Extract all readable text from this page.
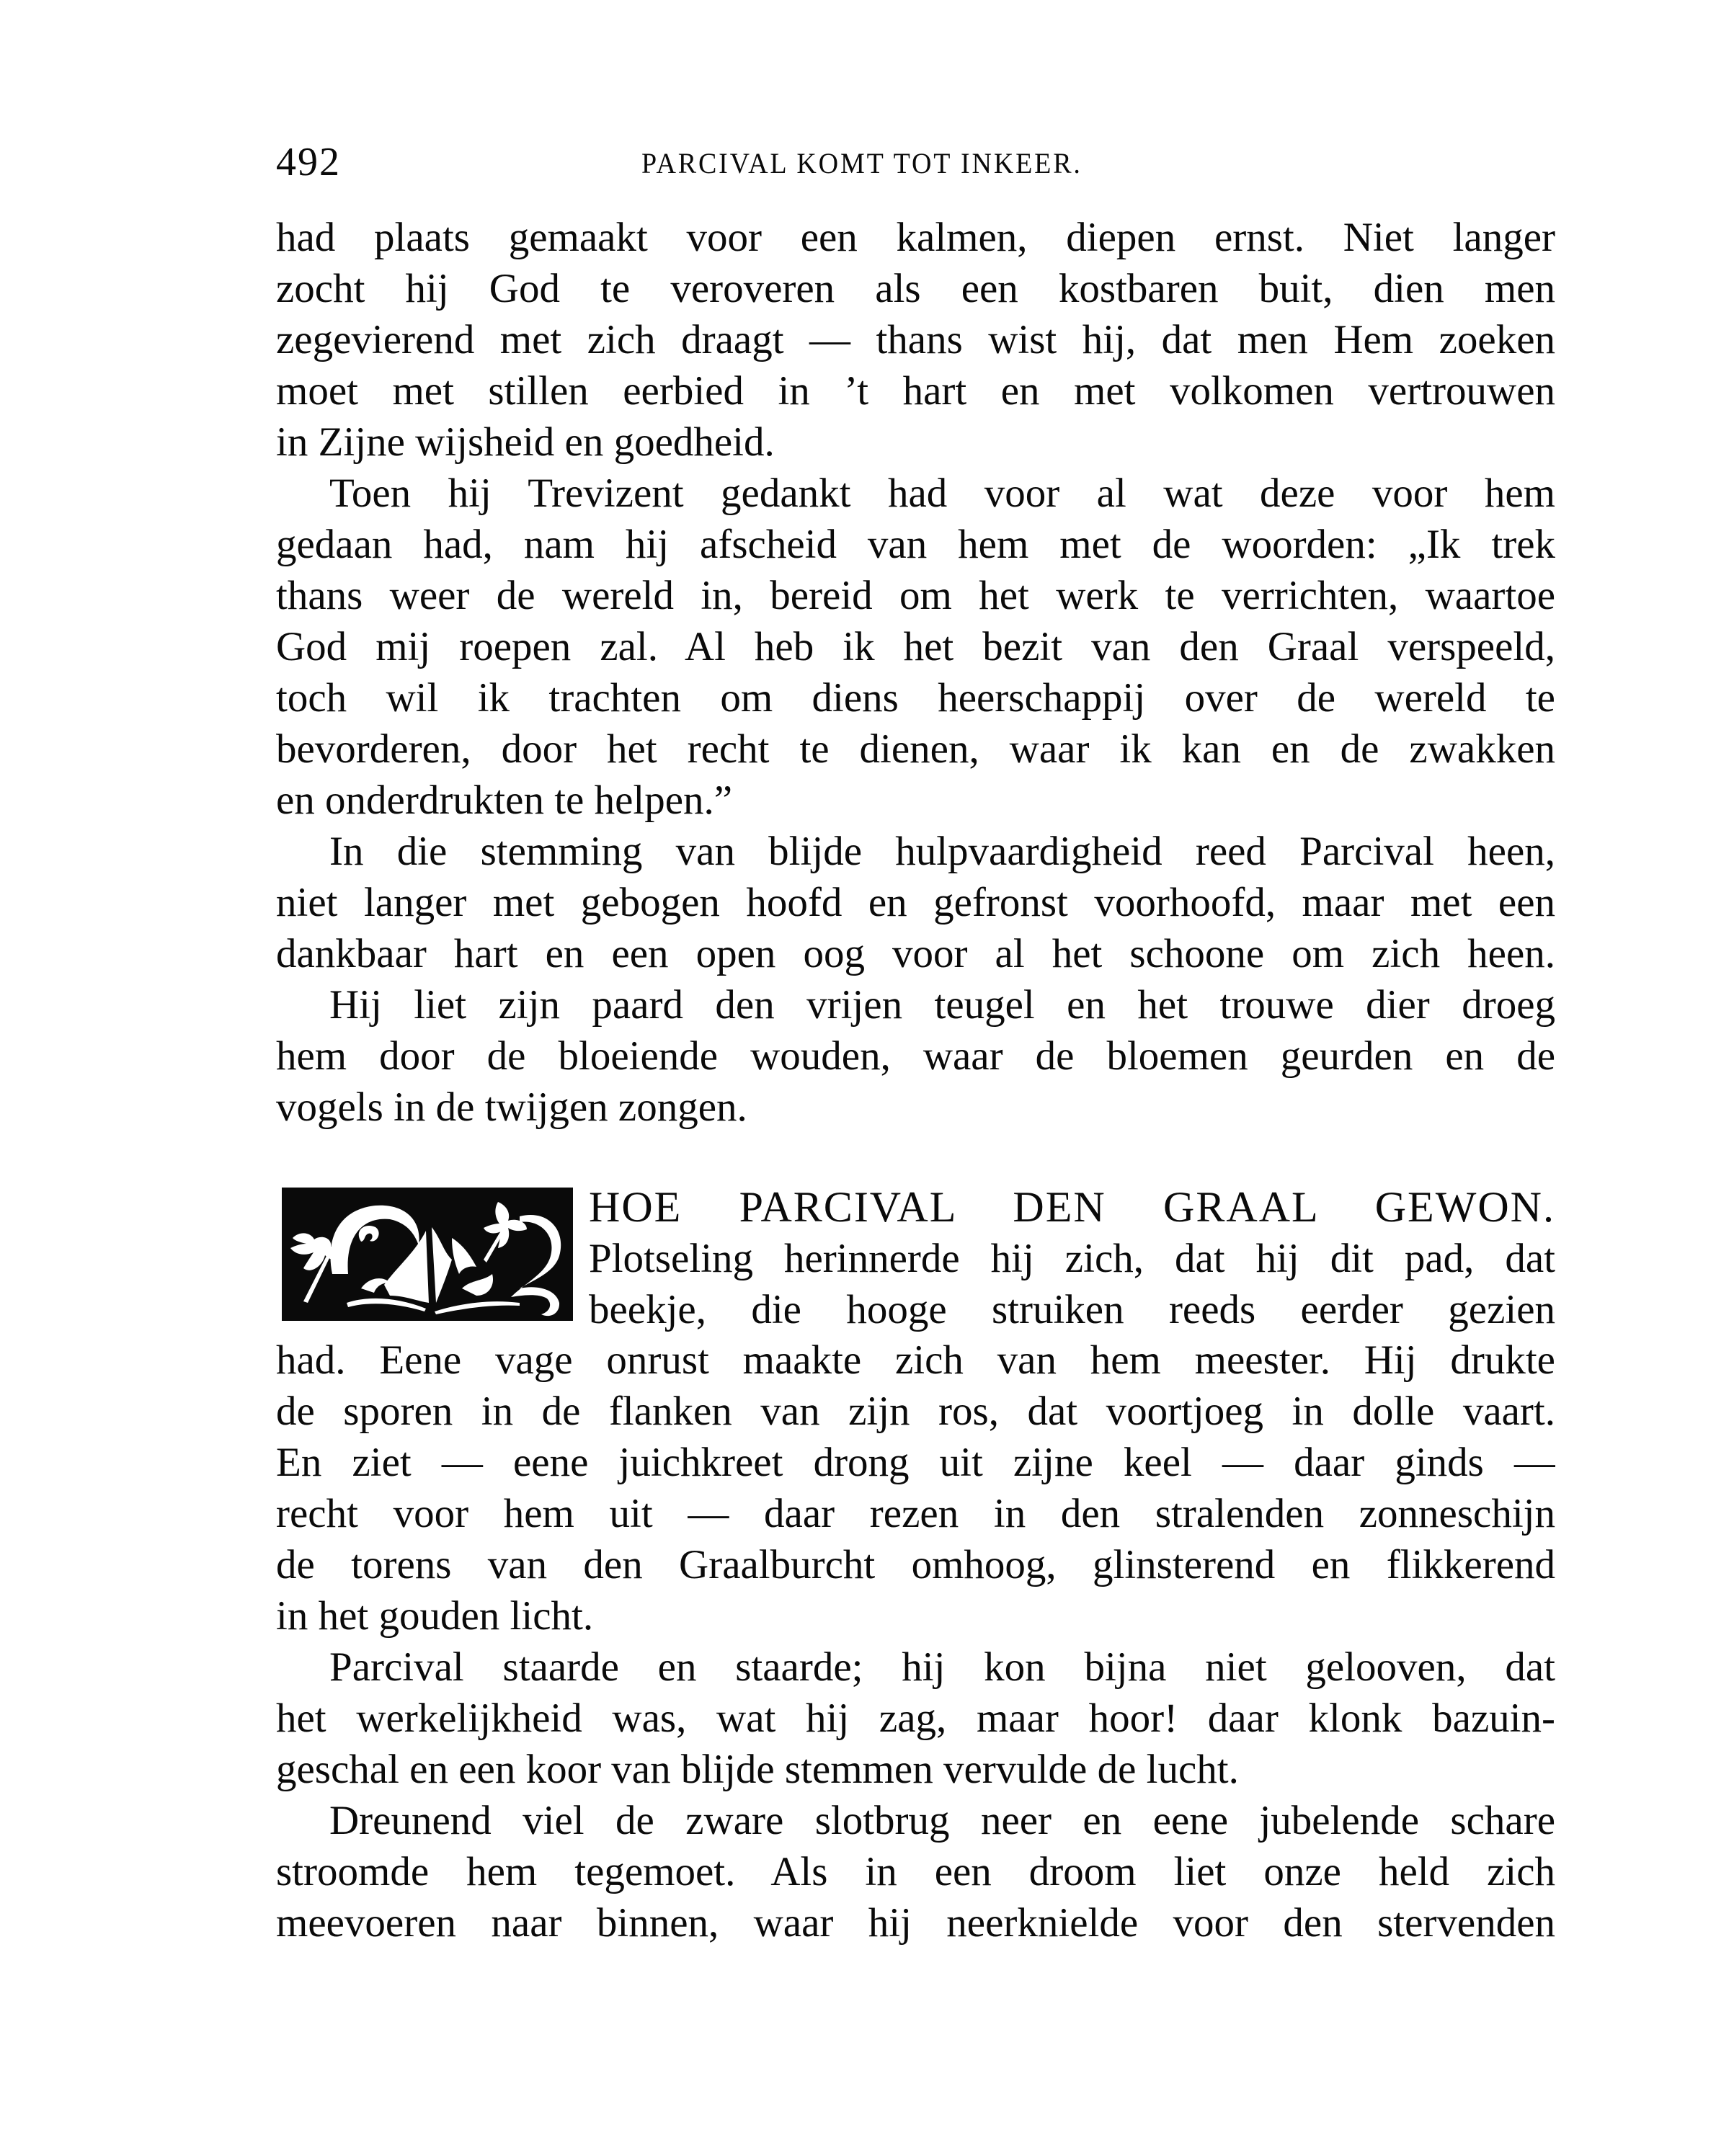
492	PARCIVAL KOMT TOT INKEER.
had plaats gemaakt voor een kalmen, diepen ernst. Niet langer
zocht hij God te veroveren als een kostbaren buit, dien men
zegevierend met zich draagt — thans wist hij, dat men Hem zoeken
moet met stillen eerbied in ’t hart en met volkomen vertrouwen
in Zijne wijsheid en goedheid.
Toen hij Trevizent gedankt had voor al wat deze voor hem
gedaan had, nam hij afscheid van hem met de woorden: „Ik trek
thans weer de wereld in, bereid om het werk te verrichten, waartoe
God mij roepen zal. Al heb ik het bezit van den Graal verspeeld,
toch wil ik trachten om diens heerschappij over de wereld te
bevorderen, door het recht te dienen, waar ik kan en de zwakken
en onderdrukten te helpen.”
In die stemming van blijde hulpvaardigheid reed Parcival heen,
niet langer met gebogen hoofd en gefronst voorhoofd, maar met een
dankbaar hart en een open oog voor al het schoone om zich heen.
Hij liet zijn paard den vrijen teugel en het trouwe dier droeg
hem door de bloeiende wouden, waar de bloemen geurden en de
vogels in de twijgen zongen.
HOE PARCIVAL DEN GRAAL GEWON.
Plotseling herinnerde hij zich, dat hij dit pad, dat
beekje, die hooge struiken reeds eerder gezien
had. Eene vage onrust maakte zich van hem meester. Hij drukte
de sporen in de flanken van zijn ros, dat voortjoeg in dolle vaart.
En ziet — eene juichkreet drong uit zijne keel — daar ginds —
recht voor hem uit — daar rezen in den stralenden zonneschijn
de torens van den Graalburcht omhoog, glinsterend en flikkerend
in het gouden licht.
Parcival staarde en staarde; hij kon bijna niet gelooven, dat
het werkelijkheid was, wat hij zag, maar hoor! daar klonk bazuin-
geschal en een koor van blijde stemmen vervulde de lucht.
Dreunend viel de zware slotbrug neer en eene jubelende schare
stroomde hem tegemoet. Als in een droom liet onze held zich
meevoeren naar binnen, waar hij neerknielde voor den stervenden
